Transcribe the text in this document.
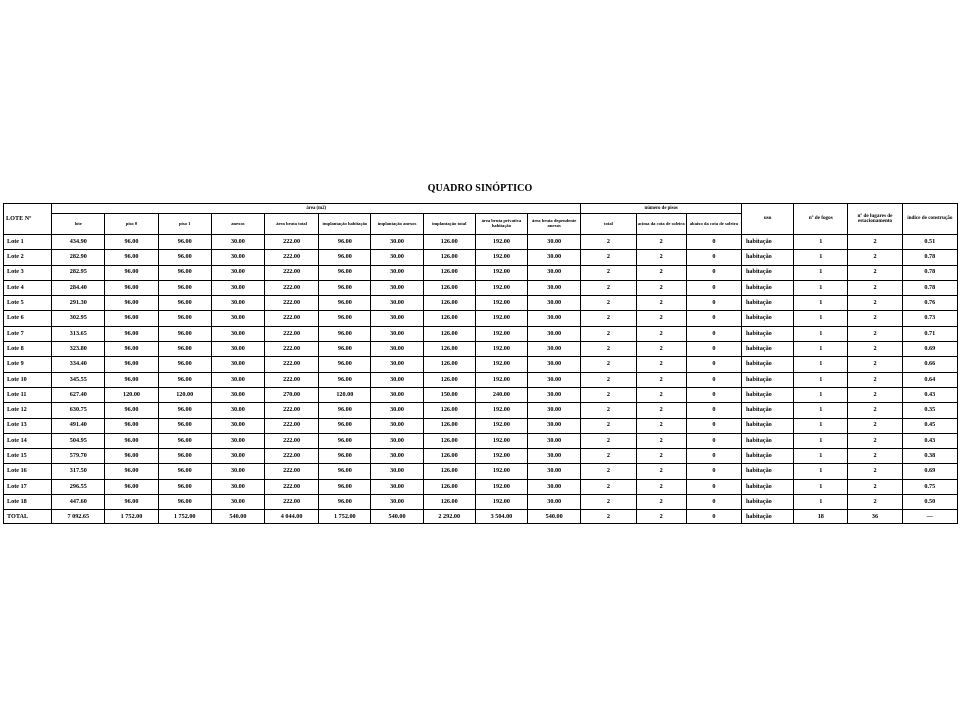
QUADRO SINÓPTICO
LOTE Nº	área (m2)										número de pisos			uso	nº de fogos	nº de lugares de estacionamento	índice de construção
	lote	piso 0	piso 1	anexos	área bruta total	implantação habitação	implantação anexos	implantação total	área bruta privativa habitação	área bruta dependente anexos	total	acima da cota de soleira	abaixo da cota de soleira				
Lote 1	434.90	96.00	96.00	30.00	222.00	96.00	30.00	126.00	192.00	30.00	2	2	0	habitação	1	2	0.51
Lote 2	282.90	96.00	96.00	30.00	222.00	96.00	30.00	126.00	192.00	30.00	2	2	0	habitação	1	2	0.78
Lote 3	282.95	96.00	96.00	30.00	222.00	96.00	30.00	126.00	192.00	30.00	2	2	0	habitação	1	2	0.78
Lote 4	284.40	96.00	96.00	30.00	222.00	96.00	30.00	126.00	192.00	30.00	2	2	0	habitação	1	2	0.78
Lote 5	291.30	96.00	96.00	30.00	222.00	96.00	30.00	126.00	192.00	30.00	2	2	0	habitação	1	2	0.76
Lote 6	302.95	96.00	96.00	30.00	222.00	96.00	30.00	126.00	192.00	30.00	2	2	0	habitação	1	2	0.73
Lote 7	313.65	96.00	96.00	30.00	222.00	96.00	30.00	126.00	192.00	30.00	2	2	0	habitação	1	2	0.71
Lote 8	323.80	96.00	96.00	30.00	222.00	96.00	30.00	126.00	192.00	30.00	2	2	0	habitação	1	2	0.69
Lote 9	334.40	96.00	96.00	30.00	222.00	96.00	30.00	126.00	192.00	30.00	2	2	0	habitação	1	2	0.66
Lote 10	345.55	96.00	96.00	30.00	222.00	96.00	30.00	126.00	192.00	30.00	2	2	0	habitação	1	2	0.64
Lote 11	627.40	120.00	120.00	30.00	270.00	120.00	30.00	150.00	240.00	30.00	2	2	0	habitação	1	2	0.43
Lote 12	630.75	96.00	96.00	30.00	222.00	96.00	30.00	126.00	192.00	30.00	2	2	0	habitação	1	2	0.35
Lote 13	491.40	96.00	96.00	30.00	222.00	96.00	30.00	126.00	192.00	30.00	2	2	0	habitação	1	2	0.45
Lote 14	504.95	96.00	96.00	30.00	222.00	96.00	30.00	126.00	192.00	30.00	2	2	0	habitação	1	2	0.43
Lote 15	579.70	96.00	96.00	30.00	222.00	96.00	30.00	126.00	192.00	30.00	2	2	0	habitação	1	2	0.38
Lote 16	317.50	96.00	96.00	30.00	222.00	96.00	30.00	126.00	192.00	30.00	2	2	0	habitação	1	2	0.69
Lote 17	296.55	96.00	96.00	30.00	222.00	96.00	30.00	126.00	192.00	30.00	2	2	0	habitação	1	2	0.75
Lote 18	447.60	96.00	96.00	30.00	222.00	96.00	30.00	126.00	192.00	30.00	2	2	0	habitação	1	2	0.50
TOTAL	7 092.65	1 752.00	1 752.00	540.00	4 044.00	1 752.00	540.00	2 292.00	3 504.00	540.00	2	2	0	habitação	18	36	—
